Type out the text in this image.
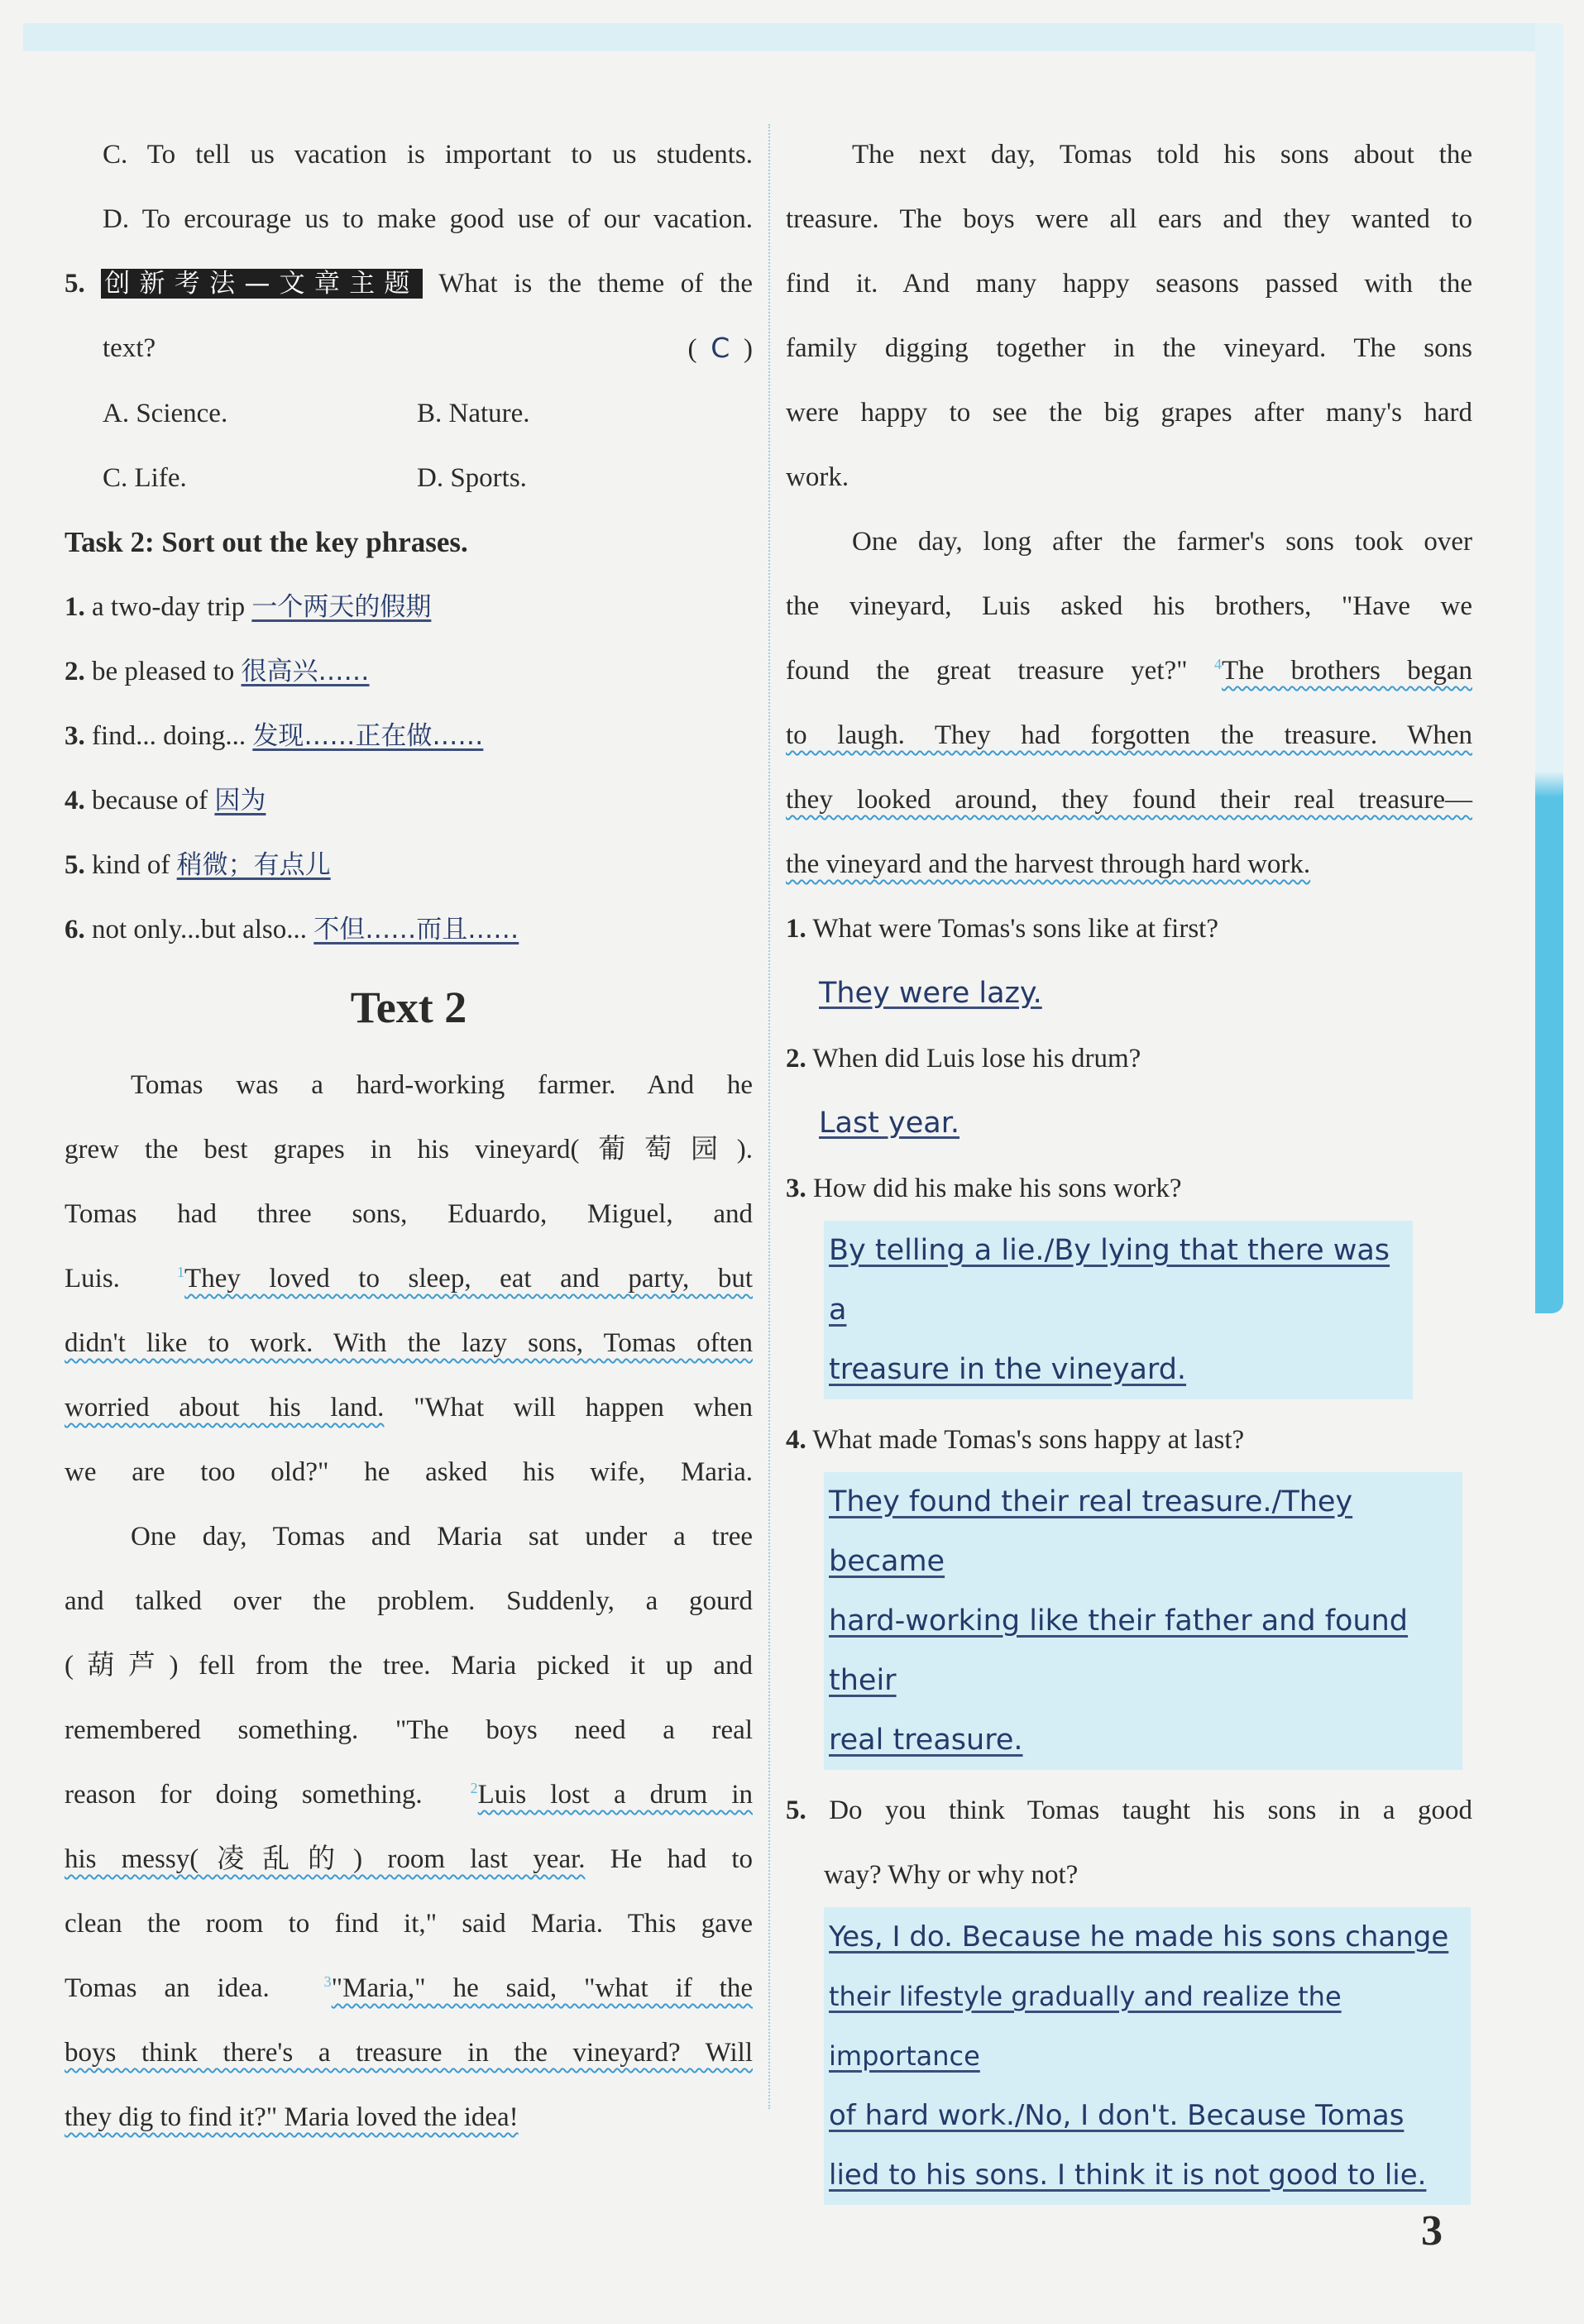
C. To tell us vacation is important to us students.

D. To ercourage us to make good use of our vacation.

5. 创新考法—文章主题 What is the theme of the

text?	( C )

A. Science.	B. Nature.
C. Life.	D. Sports.

Task 2: Sort out the key phrases.

1. a two-day trip 一个两天的假期

2. be pleased to 很高兴……

3. find... doing... 发现……正在做……

4. because of 因为

5. kind of 稍微；有点儿

6. not only...but also... 不但……而且……

Text 2

Tomas was a hard-working farmer. And he

grew the best grapes in his vineyard(葡萄园).

Tomas had three sons, Eduardo, Miguel, and

Luis.	$^1$They loved to sleep, eat and party, but

didn't like to work. With the lazy sons, Tomas often

worried about his land. "What will happen when

we are too old?" he asked his wife, Maria.

One day, Tomas and Maria sat under a tree

and talked over the problem. Suddenly, a gourd

(葫芦) fell from the tree. Maria picked it up and

remembered something. "The boys need a real

reason for doing something.	$^2$Luis lost a drum in

his messy(凌乱的) room last year. He had to

clean the room to find it," said Maria. This gave

Tomas an idea.	$^3$"Maria," he said, "what if the

boys think there's a treasure in the vineyard? Will

they dig to find it?" Maria loved the idea!

The next day, Tomas told his sons about the

treasure. The boys were all ears and they wanted to

find it. And many happy seasons passed with the

family digging together in the vineyard. The sons

were happy to see the big grapes after many's hard

work.

One day, long after the farmer's sons took over

the vineyard, Luis asked his brothers, "Have we

found the great treasure yet?" $^4$The brothers began

to laugh. They had forgotten the treasure. When

they looked around, they found their real treasure—

the vineyard and the harvest through hard work.

1. What were Tomas's sons like at first?

They were lazy.

2. When did Luis lose his drum?

Last year.

3. How did his make his sons work?

By telling a lie./By lying that there was a
treasure in the vineyard.

4. What made Tomas's sons happy at last?

They found their real treasure./They became
hard-working like their father and found their
real treasure.

5. Do you think Tomas taught his sons in a good

way? Why or why not?

Yes, I do. Because he made his sons change
their lifestyle gradually and realize the importance
of hard work./No, I don't. Because Tomas
lied to his sons. I think it is not good to lie.
3
